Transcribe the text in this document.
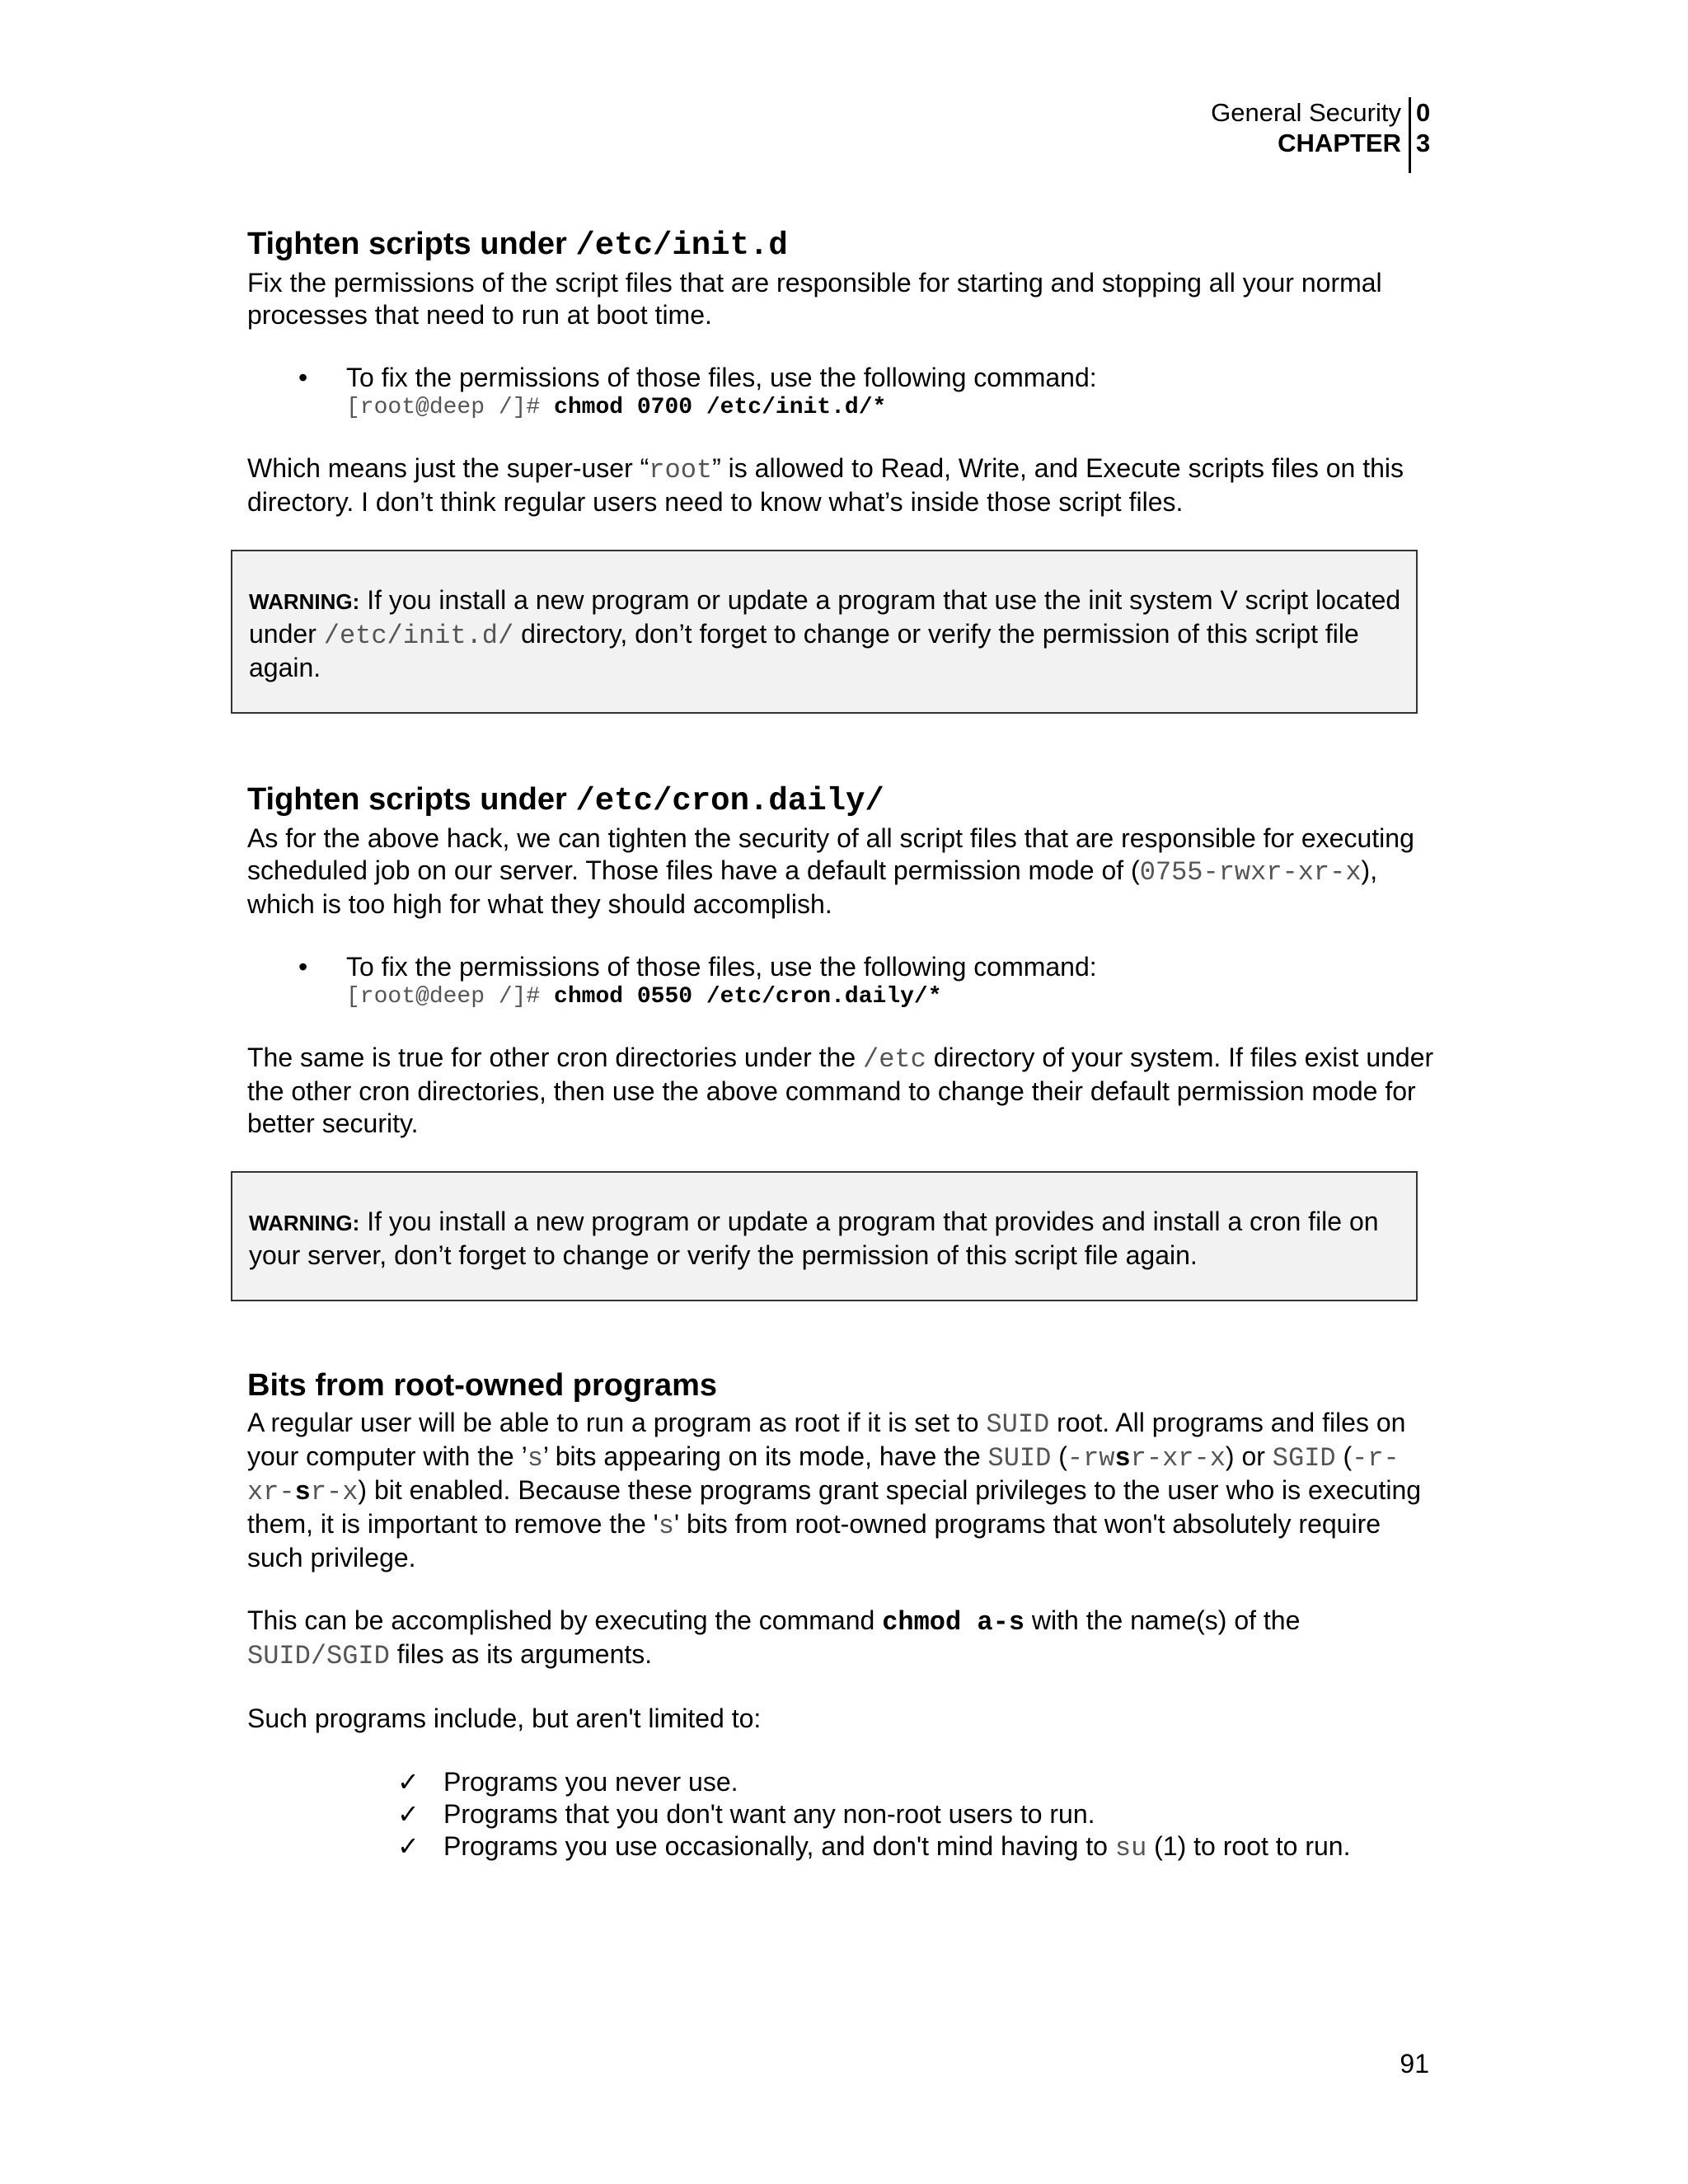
General Security
CHAPTER
0
3
Tighten scripts under /etc/init.d

Fix the permissions of the script files that are responsible for starting and stopping all your normal processes that need to run at boot time.

• To fix the permissions of those files, use the following command:

[root@deep /]# chmod 0700 /etc/init.d/*

Which means just the super-user “root” is allowed to Read, Write, and Execute scripts files on this directory. I don’t think regular users need to know what’s inside those script files.

WARNING: If you install a new program or update a program that use the init system V script located under /etc/init.d/ directory, don’t forget to change or verify the permission of this script file again.

Tighten scripts under /etc/cron.daily/

As for the above hack, we can tighten the security of all script files that are responsible for executing scheduled job on our server. Those files have a default permission mode of (0755-rwxr-xr-x), which is too high for what they should accomplish.

• To fix the permissions of those files, use the following command:

[root@deep /]# chmod 0550 /etc/cron.daily/*

The same is true for other cron directories under the /etc directory of your system. If files exist under the other cron directories, then use the above command to change their default permission mode for better security.

WARNING: If you install a new program or update a program that provides and install a cron file on your server, don’t forget to change or verify the permission of this script file again.

Bits from root-owned programs

A regular user will be able to run a program as root if it is set to SUID root. All programs and files on your computer with the ’s’ bits appearing on its mode, have the SUID (-rwsr-xr-x) or SGID (-r-xr-sr-x) bit enabled. Because these programs grant special privileges to the user who is executing them, it is important to remove the 's' bits from root-owned programs that won't absolutely require such privilege.

This can be accomplished by executing the command chmod a-s with the name(s) of the SUID/SGID files as its arguments.

Such programs include, but aren't limited to:

✓ Programs you never use.
✓ Programs that you don't want any non-root users to run.
✓ Programs you use occasionally, and don't mind having to su (1) to root to run.
91
